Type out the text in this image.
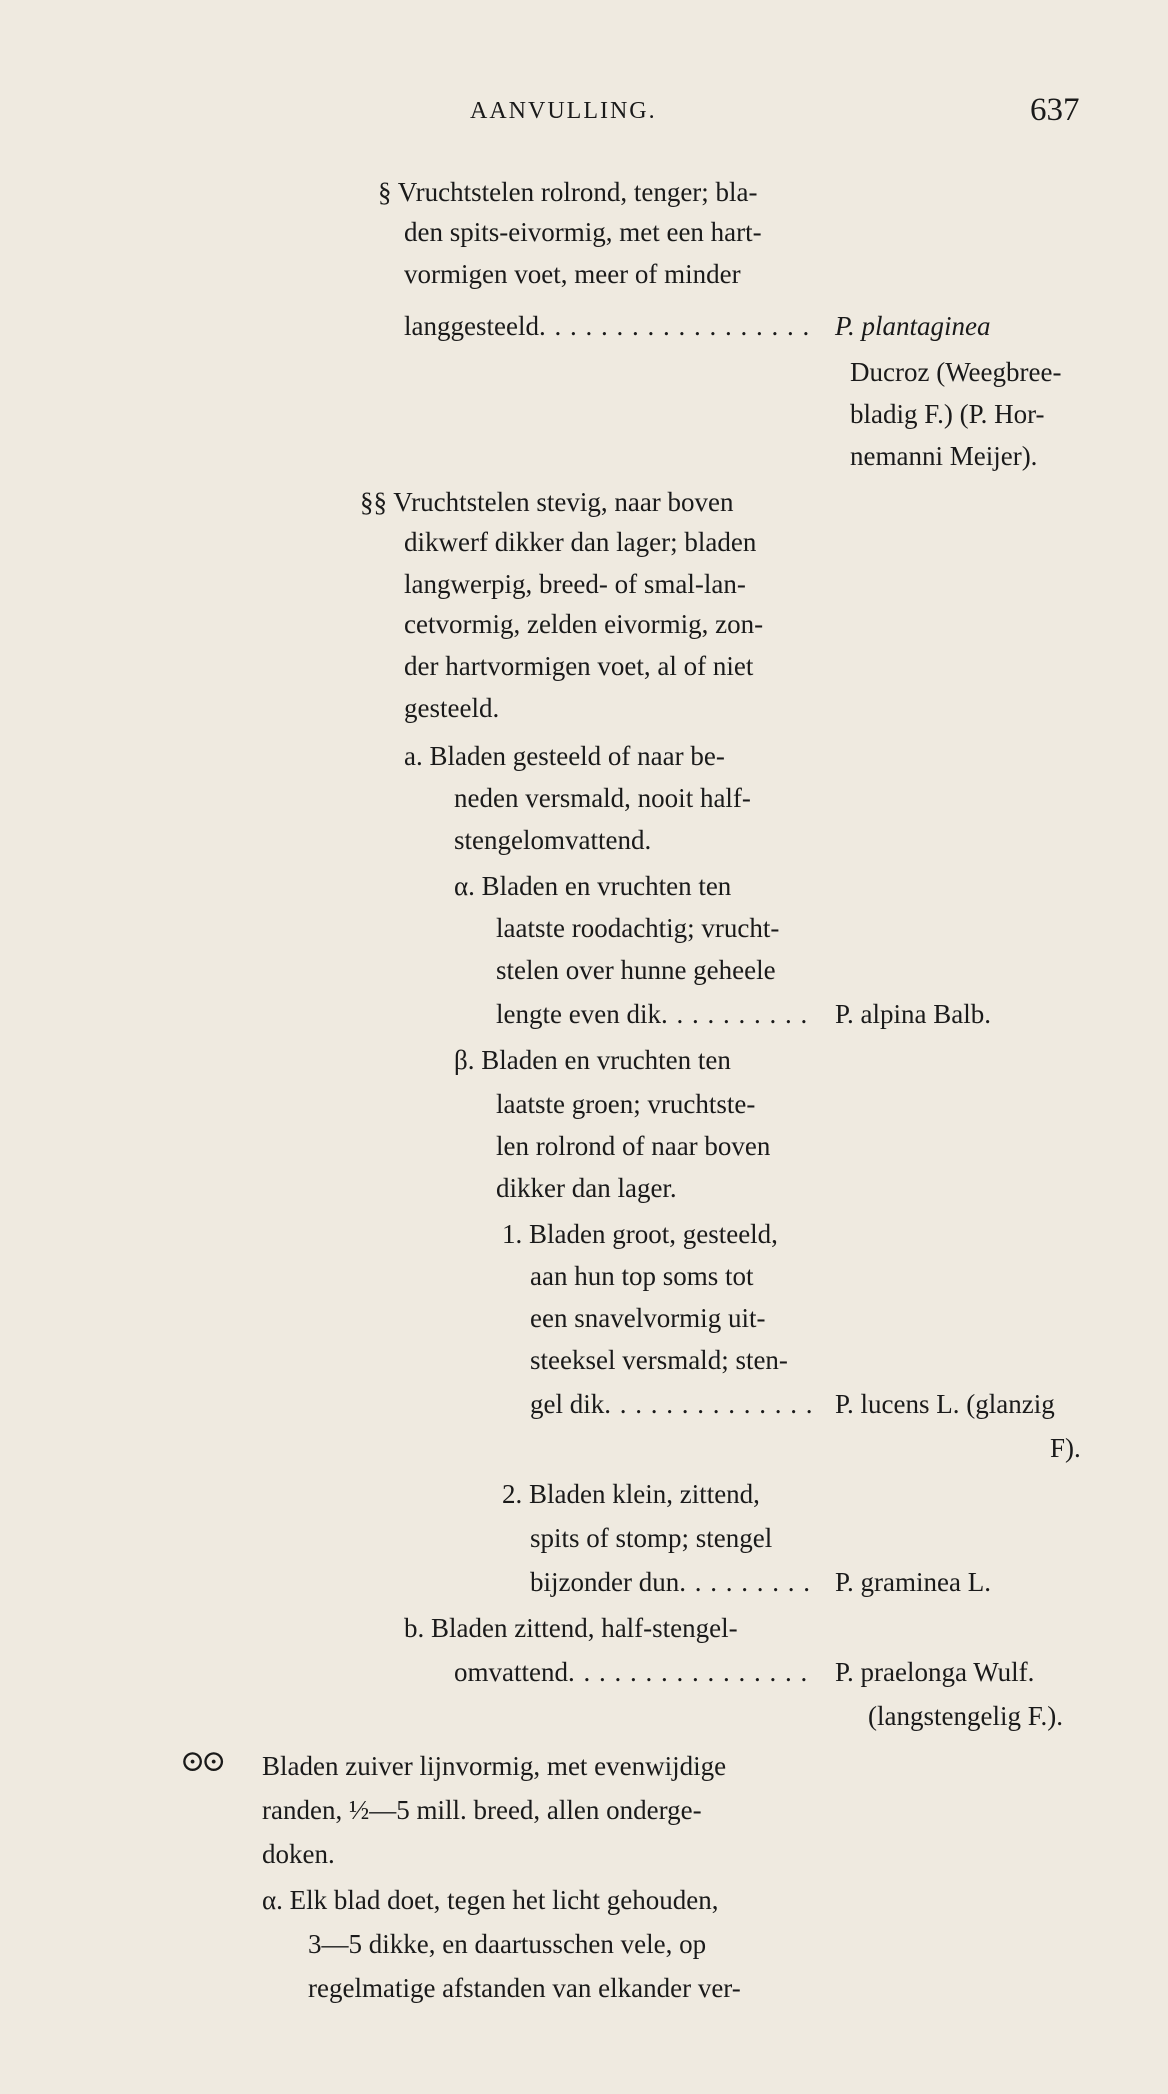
AANVULLING.	637
§ Vruchtstelen rolrond, tenger; bla-
den spits-eivormig, met een hart-
vormigen voet, meer of minder
langgesteeld . . .	P. plantaginea
Ducroz (Weegbree-
bladig F.) (P. Hor-
nemanni Meijer).
§§ Vruchtstelen stevig, naar boven
dikwerf dikker dan lager; bladen
langwerpig, breed- of smal-lan-
cetvormig, zelden eivormig, zon-
der hartvormigen voet, al of niet
gesteeld.
a. Bladen gesteeld of naar be-
neden versmald, nooit half-
stengelomvattend.
α. Bladen en vruchten ten
laatste roodachtig; vrucht-
stelen over hunne geheele
lengte even dik . . .	P. alpina Balb.
β. Bladen en vruchten ten
laatste groen; vruchtste-
len rolrond of naar boven
dikker dan lager.
1. Bladen groot, gesteeld,
aan hun top soms tot
een snavelvormig uit-
steeksel versmald; sten-
gel dik . . .	P. lucens L. (glanzig
F).
2. Bladen klein, zittend,
spits of stomp; stengel
bijzonder dun . . .	P. graminea L.
b. Bladen zittend, half-stengel-
omvattend . . .	P. praelonga Wulf.
(langstengelig F.).
⊙⊙ Bladen zuiver lijnvormig, met evenwijdige
randen, ½—5 mill. breed, allen onderge-
doken.
α. Elk blad doet, tegen het licht gehouden,
3—5 dikke, en daartusschen vele, op
regelmatige afstanden van elkander ver-
